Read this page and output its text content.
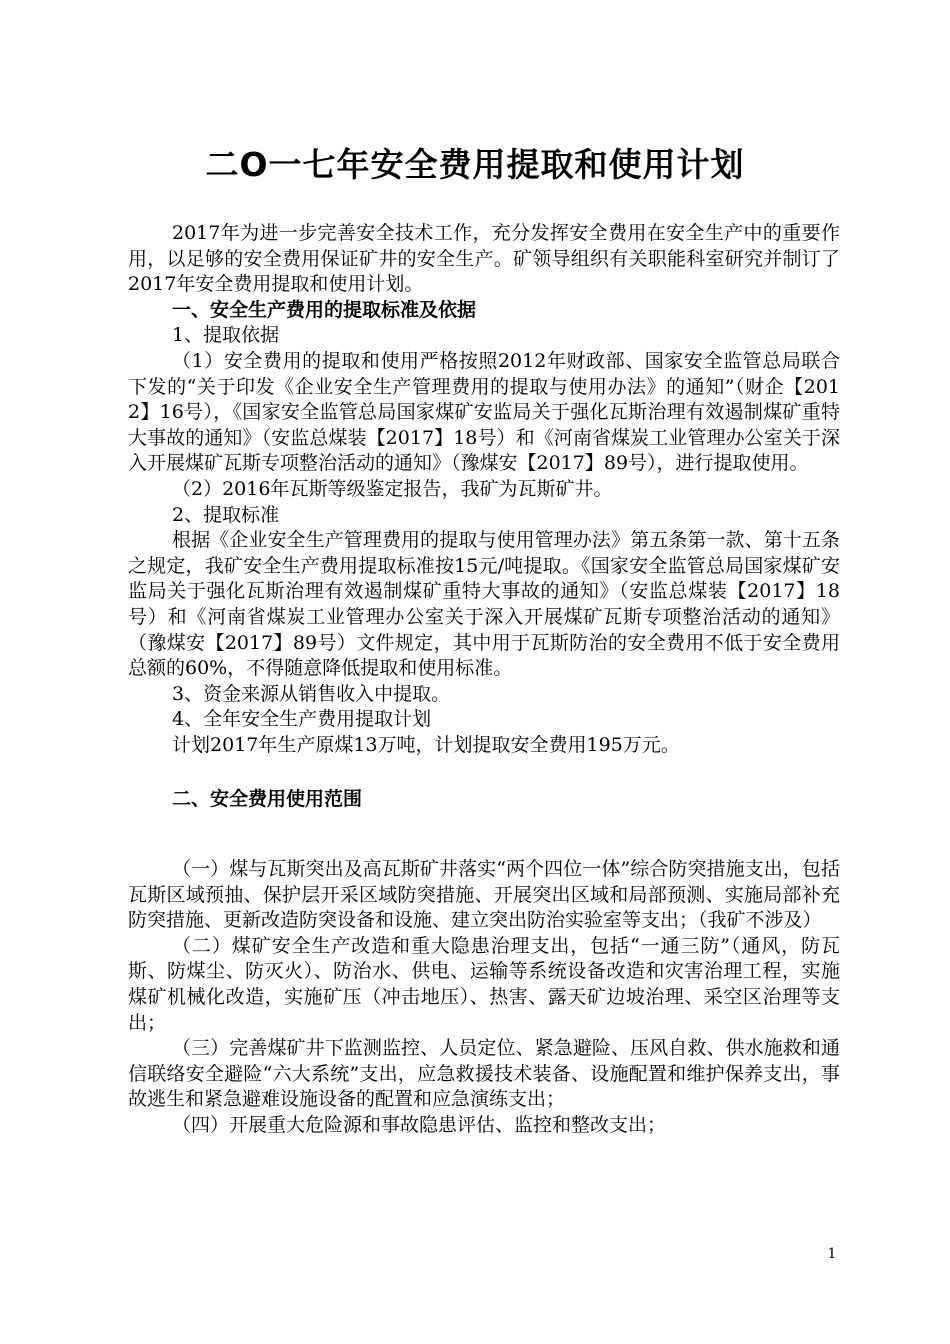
二O一七年安全费用提取和使用计划

2017年为进一步完善安全技术工作，充分发挥安全费用在安全生产中的重要作用，以足够的安全费用保证矿井的安全生产。矿领导组织有关职能科室研究并制订了2017年安全费用提取和使用计划。

一、安全生产费用的提取标准及依据

1、提取依据

（1）安全费用的提取和使用严格按照2012年财政部、国家安全监管总局联合下发的“关于印发《企业安全生产管理费用的提取与使用办法》的通知”（财企【2012】16号），《国家安全监管总局国家煤矿安监局关于强化瓦斯治理有效遏制煤矿重特大事故的通知》（安监总煤装【2017】18号）和《河南省煤炭工业管理办公室关于深入开展煤矿瓦斯专项整治活动的通知》（豫煤安【2017】89号），进行提取使用。

（2）2016年瓦斯等级鉴定报告，我矿为瓦斯矿井。

2、提取标准

根据《企业安全生产管理费用的提取与使用管理办法》第五条第一款、第十五条之规定，我矿安全生产费用提取标准按15元/吨提取。《国家安全监管总局国家煤矿安监局关于强化瓦斯治理有效遏制煤矿重特大事故的通知》（安监总煤装【2017】18号）和《河南省煤炭工业管理办公室关于深入开展煤矿瓦斯专项整治活动的通知》（豫煤安【2017】89号）文件规定，其中用于瓦斯防治的安全费用不低于安全费用总额的60%，不得随意降低提取和使用标准。

3、资金来源从销售收入中提取。

4、全年安全生产费用提取计划

计划2017年生产原煤13万吨，计划提取安全费用195万元。

二、安全费用使用范围

（一）煤与瓦斯突出及高瓦斯矿井落实“两个四位一体”综合防突措施支出，包括瓦斯区域预抽、保护层开采区域防突措施、开展突出区域和局部预测、实施局部补充防突措施、更新改造防突设备和设施、建立突出防治实验室等支出；（我矿不涉及）

（二）煤矿安全生产改造和重大隐患治理支出，包括“一通三防”（通风，防瓦斯、防煤尘、防灭火）、防治水、供电、运输等系统设备改造和灾害治理工程，实施煤矿机械化改造，实施矿压（冲击地压）、热害、露天矿边坡治理、采空区治理等支出；

（三）完善煤矿井下监测监控、人员定位、紧急避险、压风自救、供水施救和通信联络安全避险“六大系统”支出，应急救援技术装备、设施配置和维护保养支出，事故逃生和紧急避难设施设备的配置和应急演练支出；

（四）开展重大危险源和事故隐患评估、监控和整改支出；

1
